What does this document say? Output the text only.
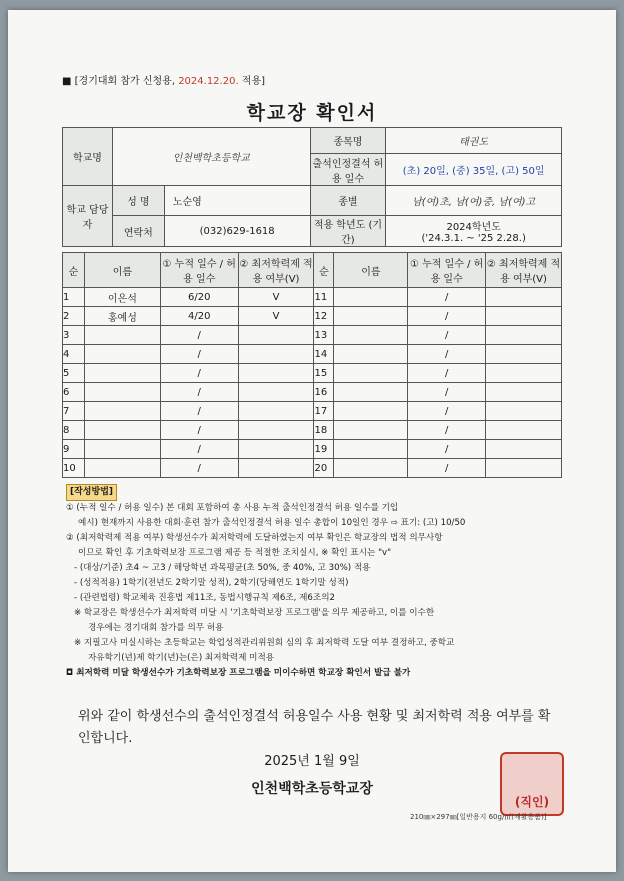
■ [경기대회 참가 신청용, 2024.12.20. 적용]
학교장 확인서
학교명	인천백학초등학교		종목명	태권도
			출석인정결석 허용 일수	(초) 20일, (중) 35일, (고) 50일
학교 담당자	성 명	노순영	종별	남(여)초, 남(여)중, 남(여)고
	연락처	(032)629-1618	적용 학년도 (기간)	2024학년도
('24.3.1. ~ '25 2.28.)
순	이름	① 누적 일수 / 허용 일수	② 최저학력제 적용 여부(V)	순	이름	① 누적 일수 / 허용 일수	② 최저학력제 적용 여부(V)
1	이은석	6/20	V	11		/	
2	홍예성	4/20	V	12		/	
3		/		13		/	
4		/		14		/	
5		/		15		/	
6		/		16		/	
7		/		17		/	
8		/		18		/	
9		/		19		/	
10		/		20		/	
[작성방법]
① (누적 일수 / 허용 일수) 본 대회 포함하여 총 사용 누적 출석인정결석 허용 일수를 기입
예시) 현재까지 사용한 대회·훈련 참가 출석인정결석 허용 일수 총합이 10일인 경우 ⇨ 표기: (고) 10/50
② (최저학력제 적용 여부) 학생선수가 최저학력에 도달하였는지 여부 확인은 학교장의 법적 의무사항
이므로 확인 후 기초학력보장 프로그램 제공 등 적절한 조치실시, ※ 확인 표시는 "v"
- (대상/기준) 초4 ~ 고3 / 해당학년 과목평균(초 50%, 중 40%, 고 30%) 적용
- (성적적용) 1학기(전년도 2학기말 성적), 2학기(당해연도 1학기말 성적)
- (관련법령) 학교체육 진흥법 제11조, 동법시행규칙 제6조, 제6조의2
※ 학교장은 학생선수가 최저학력 미달 시 '기초학력보장 프로그램'을 의무 제공하고, 이를 이수한
경우에는 경기대회 참가를 의무 허용
※ 지필고사 미실시하는 초등학교는 학업성적관리위원회 심의 후 최저학력 도달 여부 결정하고, 중학교
자유학기(년)제 학기(년)는(은) 최저학력제 미적용
◘ 최저학력 미달 학생선수가 기초학력보장 프로그램을 미이수하면 학교장 확인서 발급 불가
위와 같이 학생선수의 출석인정결석 허용일수 사용 현황 및 최저학력 적용 여부를 확인합니다.
2025년 1월 9일
인천백학초등학교장
(직인)
210㎜×297㎜[일반용지 60g/㎡(재활용품)]
